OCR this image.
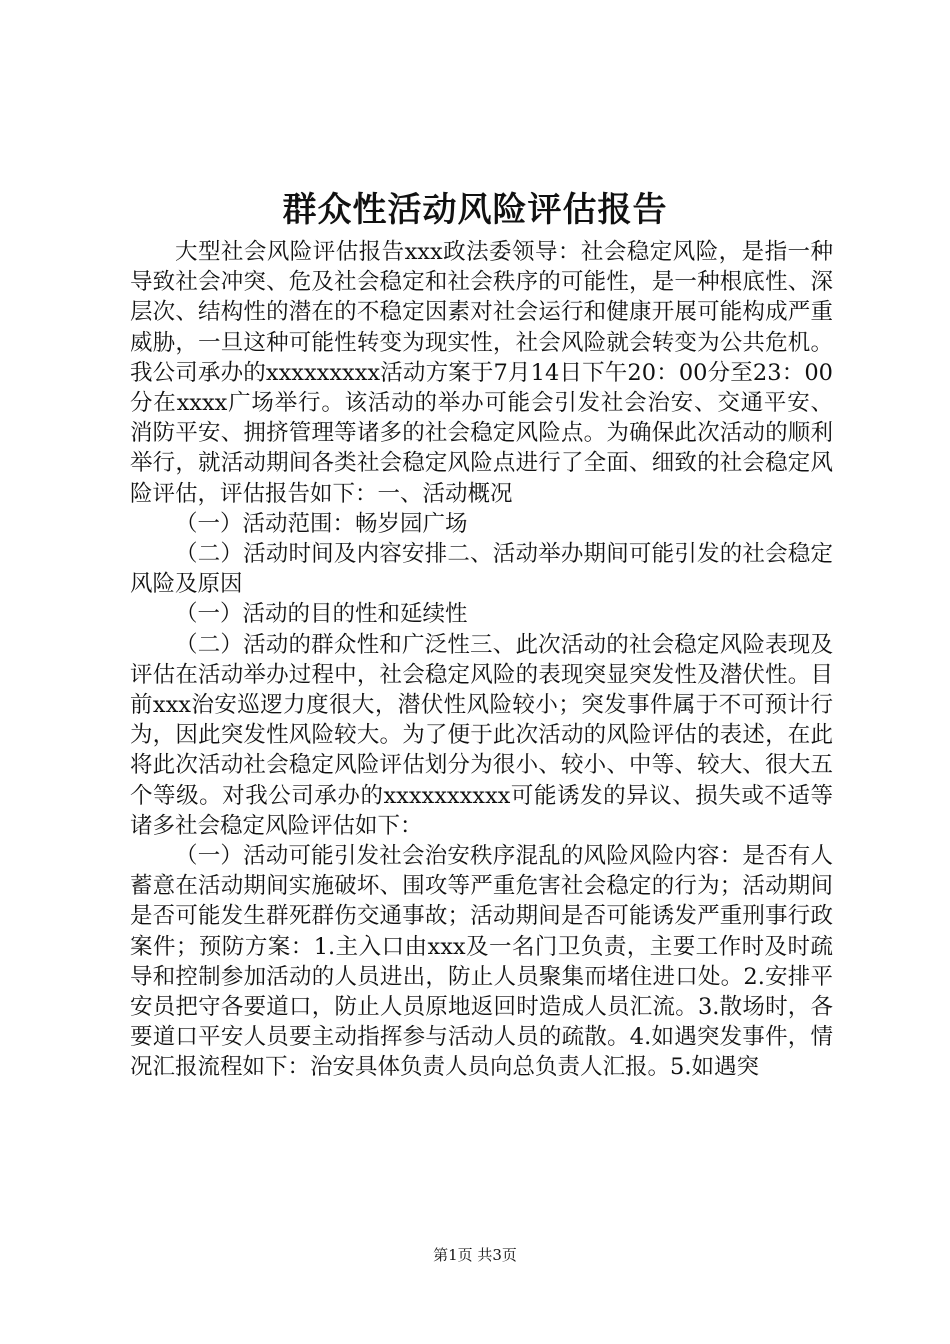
群众性活动风险评估报告

大型社会风险评估报告xxx政法委领导：社会稳定风险，是指一种导致社会冲突、危及社会稳定和社会秩序的可能性，是一种根底性、深层次、结构性的潜在的不稳定因素对社会运行和健康开展可能构成严重威胁，一旦这种可能性转变为现实性，社会风险就会转变为公共危机。我公司承办的xxxxxxxxx活动方案于7月14日下午20：00分至23：00分在xxxx广场举行。该活动的举办可能会引发社会治安、交通平安、消防平安、拥挤管理等诸多的社会稳定风险点。为确保此次活动的顺利举行，就活动期间各类社会稳定风险点进行了全面、细致的社会稳定风险评估，评估报告如下：一、活动概况

（一）活动范围：畅岁园广场

（二）活动时间及内容安排二、活动举办期间可能引发的社会稳定风险及原因

（一）活动的目的性和延续性

（二）活动的群众性和广泛性三、此次活动的社会稳定风险表现及评估在活动举办过程中，社会稳定风险的表现突显突发性及潜伏性。目前xxx治安巡逻力度很大，潜伏性风险较小；突发事件属于不可预计行为，因此突发性风险较大。为了便于此次活动的风险评估的表述，在此将此次活动社会稳定风险评估划分为很小、较小、中等、较大、很大五个等级。对我公司承办的xxxxxxxxxx可能诱发的异议、损失或不适等诸多社会稳定风险评估如下：

（一）活动可能引发社会治安秩序混乱的风险风险内容：是否有人蓄意在活动期间实施破坏、围攻等严重危害社会稳定的行为；活动期间是否可能发生群死群伤交通事故；活动期间是否可能诱发严重刑事行政案件；预防方案：1.主入口由xxx及一名门卫负责，主要工作时及时疏导和控制参加活动的人员进出，防止人员聚集而堵住进口处。2.安排平安员把守各要道口，防止人员原地返回时造成人员汇流。3.散场时，各要道口平安人员要主动指挥参与活动人员的疏散。4.如遇突发事件，情况汇报流程如下：治安具体负责人员向总负责人汇报。5.如遇突

第1页 共3页
